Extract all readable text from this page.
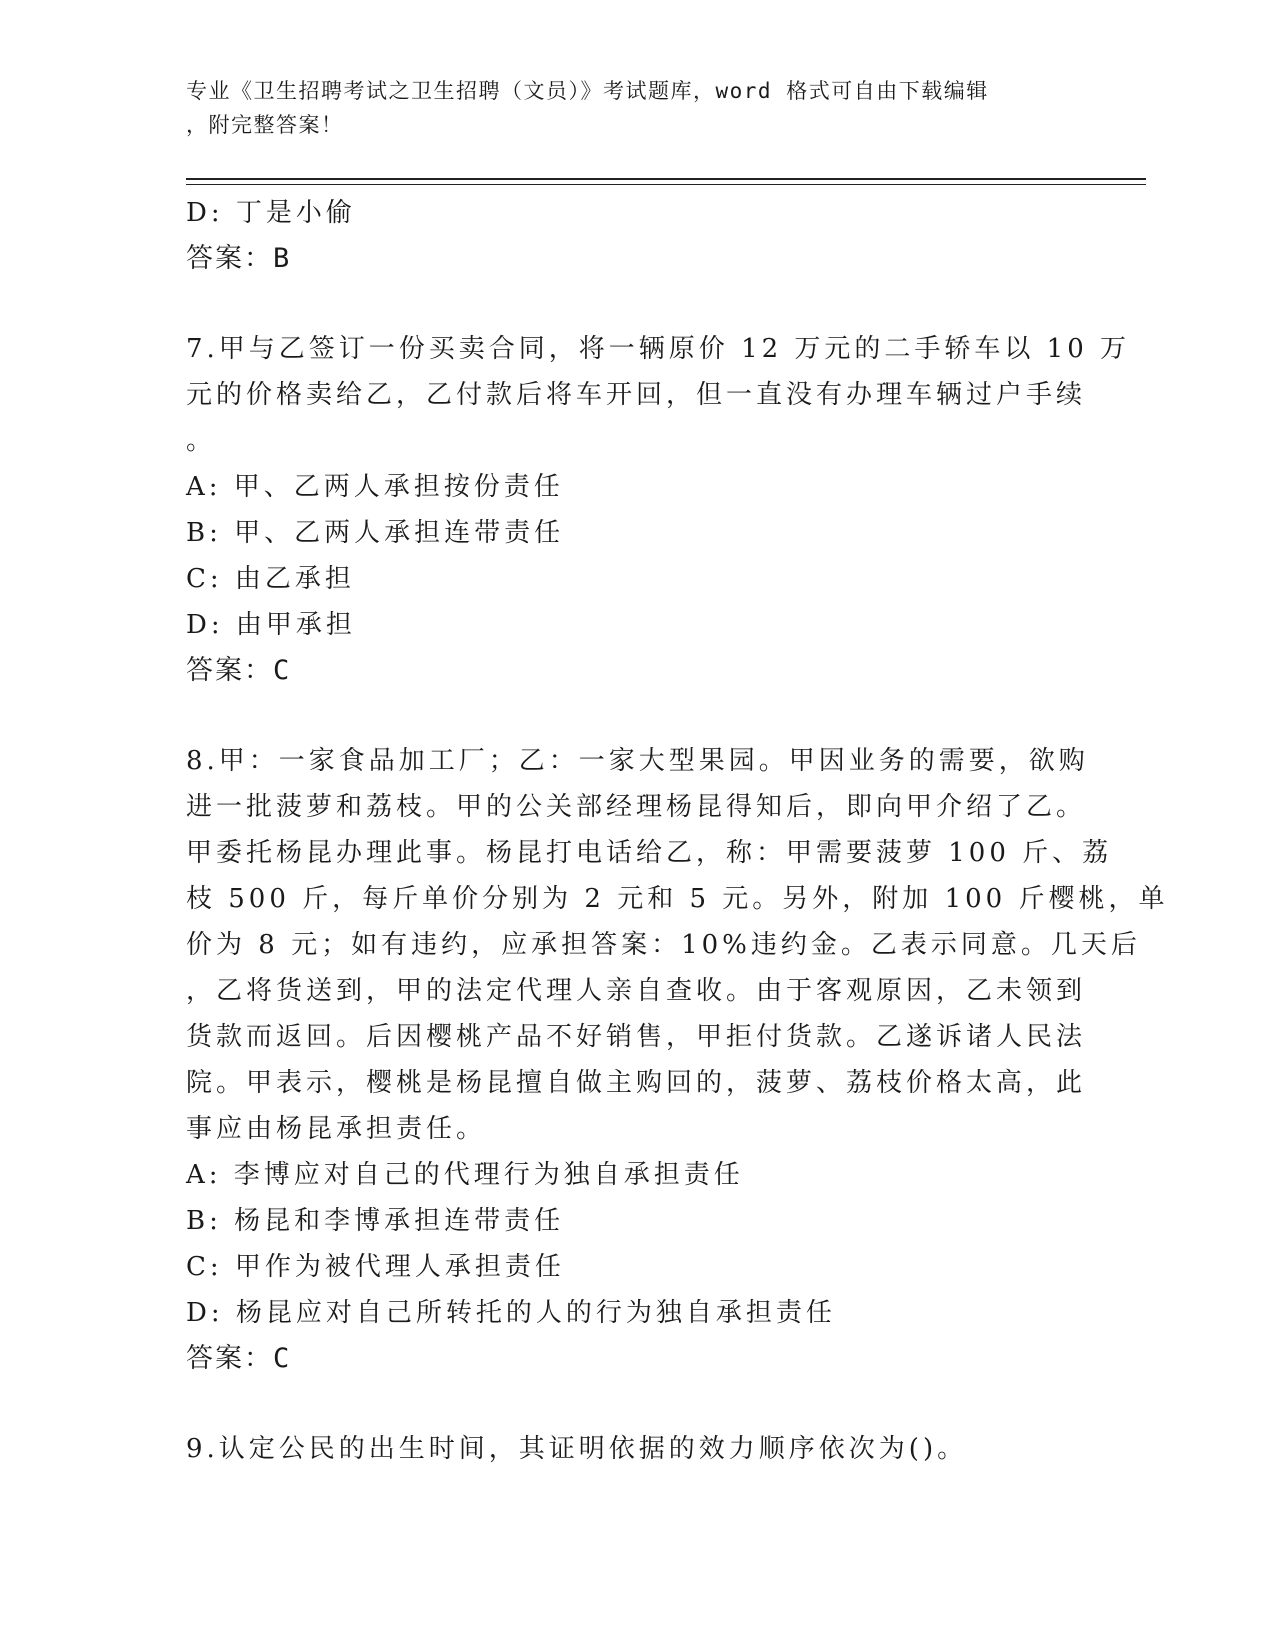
专业《卫生招聘考试之卫生招聘（文员）》考试题库，word 格式可自由下载编辑
，附完整答案！
D: 丁是小偷
答案：B
7.甲与乙签订一份买卖合同，将一辆原价 12 万元的二手轿车以 10 万
元的价格卖给乙，乙付款后将车开回，但一直没有办理车辆过户手续
。
A: 甲、乙两人承担按份责任
B: 甲、乙两人承担连带责任
C: 由乙承担
D: 由甲承担
答案：C
8.甲：一家食品加工厂；乙：一家大型果园。甲因业务的需要，欲购
进一批菠萝和荔枝。甲的公关部经理杨昆得知后，即向甲介绍了乙。
甲委托杨昆办理此事。杨昆打电话给乙，称：甲需要菠萝 100 斤、荔
枝 500 斤，每斤单价分别为 2 元和 5 元。另外，附加 100 斤樱桃，单
价为 8 元；如有违约，应承担答案：10%违约金。乙表示同意。几天后
，乙将货送到，甲的法定代理人亲自查收。由于客观原因，乙未领到
货款而返回。后因樱桃产品不好销售，甲拒付货款。乙遂诉诸人民法
院。甲表示，樱桃是杨昆擅自做主购回的，菠萝、荔枝价格太高，此
事应由杨昆承担责任。
A: 李博应对自己的代理行为独自承担责任
B: 杨昆和李博承担连带责任
C: 甲作为被代理人承担责任
D: 杨昆应对自己所转托的人的行为独自承担责任
答案：C
9.认定公民的出生时间，其证明依据的效力顺序依次为()。
